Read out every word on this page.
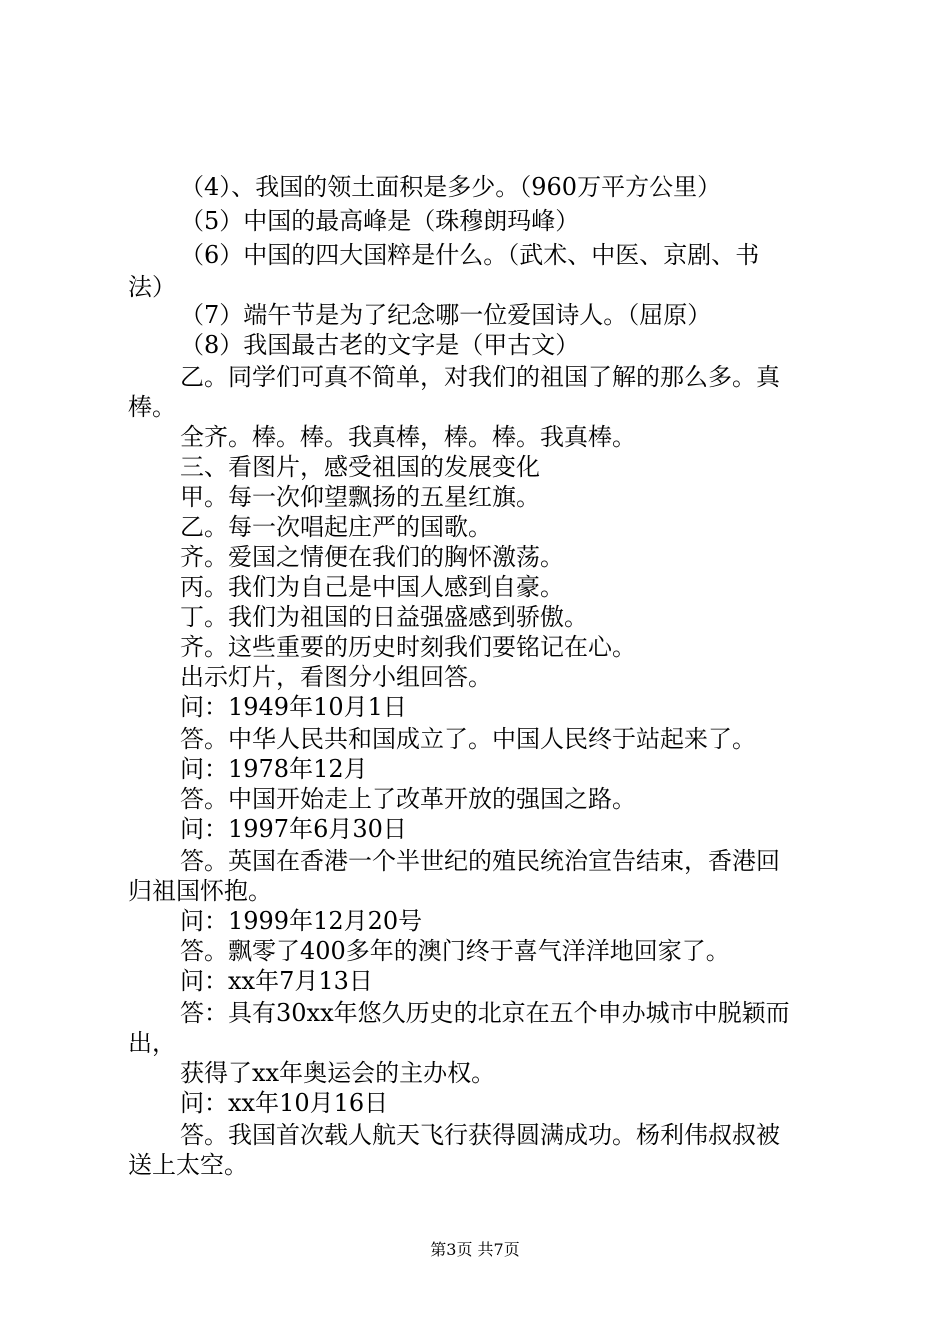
（4）、我国的领土面积是多少。（960万平方公里）
（5）中国的最高峰是（珠穆朗玛峰）
（6）中国的四大国粹是什么。（武术、中医、京剧、书
法）
（7）端午节是为了纪念哪一位爱国诗人。（屈原）
（8）我国最古老的文字是（甲古文）
乙。同学们可真不简单，对我们的祖国了解的那么多。真
棒。
全齐。棒。棒。我真棒，棒。棒。我真棒。
三、看图片，感受祖国的发展变化
甲。每一次仰望飘扬的五星红旗。
乙。每一次唱起庄严的国歌。
齐。爱国之情便在我们的胸怀激荡。
丙。我们为自己是中国人感到自豪。
丁。我们为祖国的日益强盛感到骄傲。
齐。这些重要的历史时刻我们要铭记在心。
出示灯片，看图分小组回答。
问：1949年10月1日
答。中华人民共和国成立了。中国人民终于站起来了。
问：1978年12月
答。中国开始走上了改革开放的强国之路。
问：1997年6月30日
答。英国在香港一个半世纪的殖民统治宣告结束，香港回
归祖国怀抱。
问：1999年12月20号
答。飘零了400多年的澳门终于喜气洋洋地回家了。
问：xx年7月13日
答：具有30xx年悠久历史的北京在五个申办城市中脱颖而
出，
获得了xx年奥运会的主办权。
问：xx年10月16日
答。我国首次载人航天飞行获得圆满成功。杨利伟叔叔被
送上太空。
第3页 共7页
